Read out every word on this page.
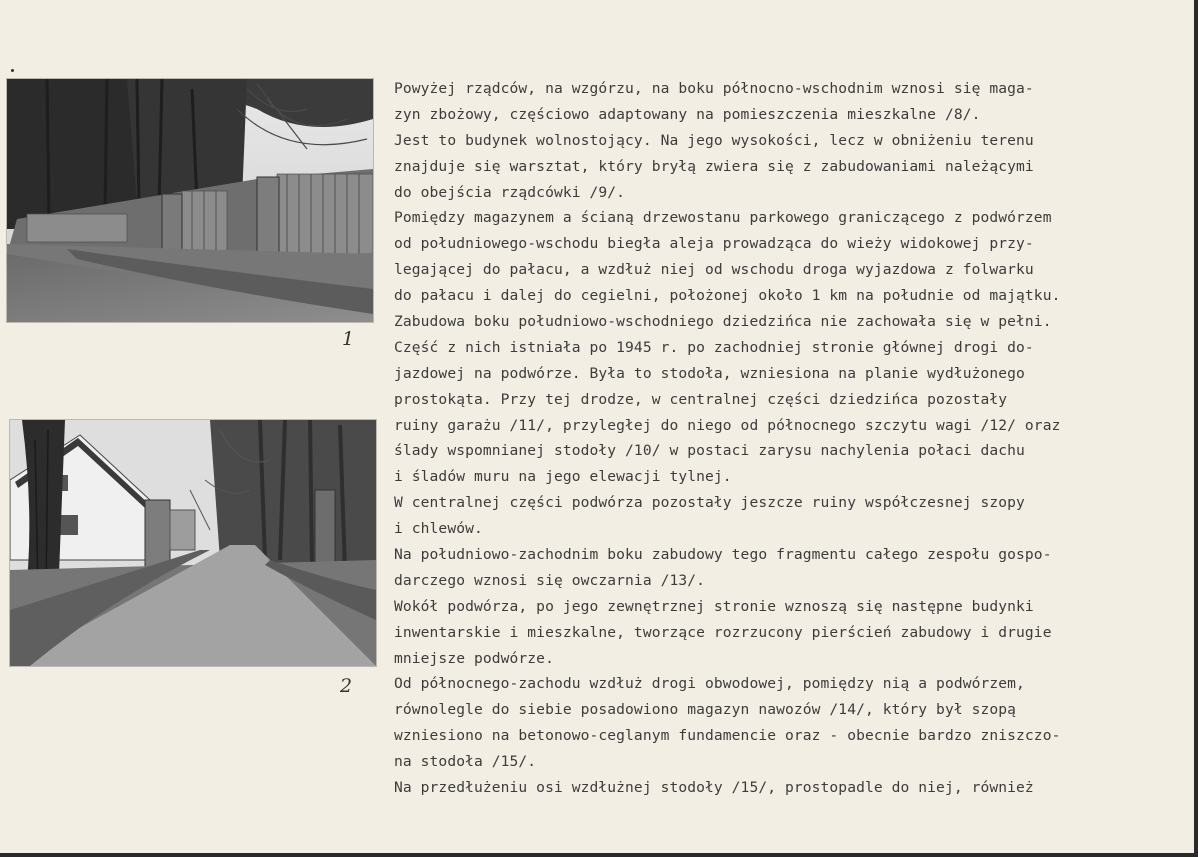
1
2
Powyżej rządców, na wzgórzu, na boku północno-wschodnim wznosi się maga-
zyn zbożowy, częściowo adaptowany na pomieszczenia mieszkalne /8/.
Jest to budynek wolnostojący. Na jego wysokości, lecz w obniżeniu terenu
znajduje się warsztat, który bryłą zwiera się z zabudowaniami należącymi
do obejścia rządcówki /9/.
Pomiędzy magazynem a ścianą drzewostanu parkowego graniczącego z podwórzem
od południowego-wschodu biegła aleja prowadząca do wieży widokowej przy-
legającej do pałacu, a wzdłuż niej od wschodu droga wyjazdowa z folwarku
do pałacu i dalej do cegielni, położonej około 1 km na południe od majątku.
Zabudowa boku południowo-wschodniego dziedzińca nie zachowała się w pełni.
Część z nich istniała po 1945 r. po zachodniej stronie głównej drogi do-
jazdowej na podwórze. Była to stodoła, wzniesiona na planie wydłużonego
prostokąta. Przy tej drodze, w centralnej części dziedzińca pozostały
ruiny garażu /11/, przyległej do niego od północnego szczytu wagi /12/ oraz
ślady wspomnianej stodoły /10/ w postaci zarysu nachylenia połaci dachu
i śladów muru na jego elewacji tylnej.
W centralnej części podwórza pozostały jeszcze ruiny współczesnej szopy
i chlewów.
Na południowo-zachodnim boku zabudowy tego fragmentu całego zespołu gospo-
darczego wznosi się owczarnia /13/.
Wokół podwórza, po jego zewnętrznej stronie wznoszą się następne budynki
inwentarskie i mieszkalne, tworzące rozrzucony pierścień zabudowy i drugie
mniejsze podwórze.
Od północnego-zachodu wzdłuż drogi obwodowej, pomiędzy nią a podwórzem,
równolegle do siebie posadowiono magazyn nawozów /14/, który był szopą
wzniesiono na betonowo-ceglanym fundamencie oraz - obecnie bardzo zniszczo-
na stodoła /15/.
Na przedłużeniu osi wzdłużnej stodoły /15/, prostopadle do niej, również
